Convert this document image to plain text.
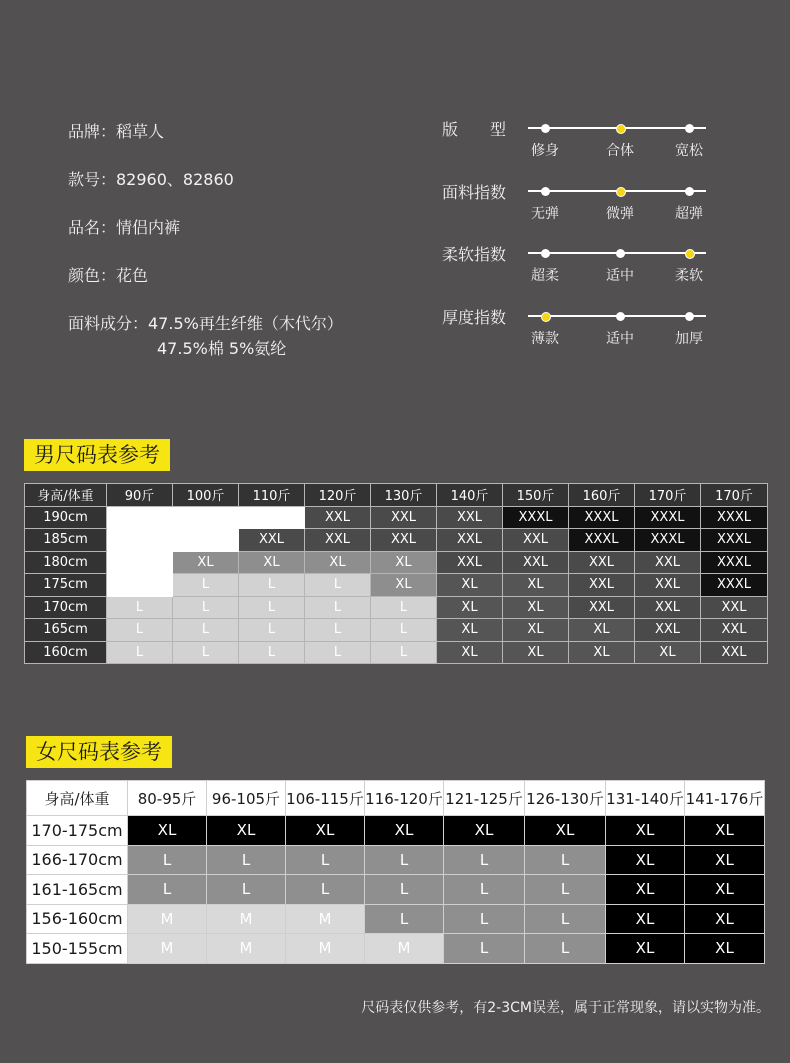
品牌：稻草人
款号：82960、82860
品名：情侣内裤
颜色：花色
面料成分：47.5%再生纤维（木代尔）
47.5%棉 5%氨纶
版　　型
修身	合体	宽松
面料指数
无弹	微弹	超弹
柔软指数
超柔	适中	柔软
厚度指数
薄款	适中	加厚
男尺码表参考
身高/体重	90斤	100斤	110斤	120斤	130斤	140斤	150斤	160斤	170斤	170斤
190cm				XXL	XXL	XXL	XXXL	XXXL	XXXL	XXXL
185cm			XXL	XXL	XXL	XXL	XXL	XXXL	XXXL	XXXL
180cm		XL	XL	XL	XL	XXL	XXL	XXL	XXL	XXXL
175cm		L	L	L	XL	XL	XL	XXL	XXL	XXXL
170cm	L	L	L	L	L	XL	XL	XXL	XXL	XXL
165cm	L	L	L	L	L	XL	XL	XL	XXL	XXL
160cm	L	L	L	L	L	XL	XL	XL	XL	XXL
女尺码表参考
身高/体重	80-95斤	96-105斤	106-115斤	116-120斤	121-125斤	126-130斤	131-140斤	141-176斤
170-175cm	XL	XL	XL	XL	XL	XL	XL	XL
166-170cm	L	L	L	L	L	L	XL	XL
161-165cm	L	L	L	L	L	L	XL	XL
156-160cm	M	M	M	L	L	L	XL	XL
150-155cm	M	M	M	M	L	L	XL	XL
尺码表仅供参考，有2-3CM误差，属于正常现象，请以实物为准。
